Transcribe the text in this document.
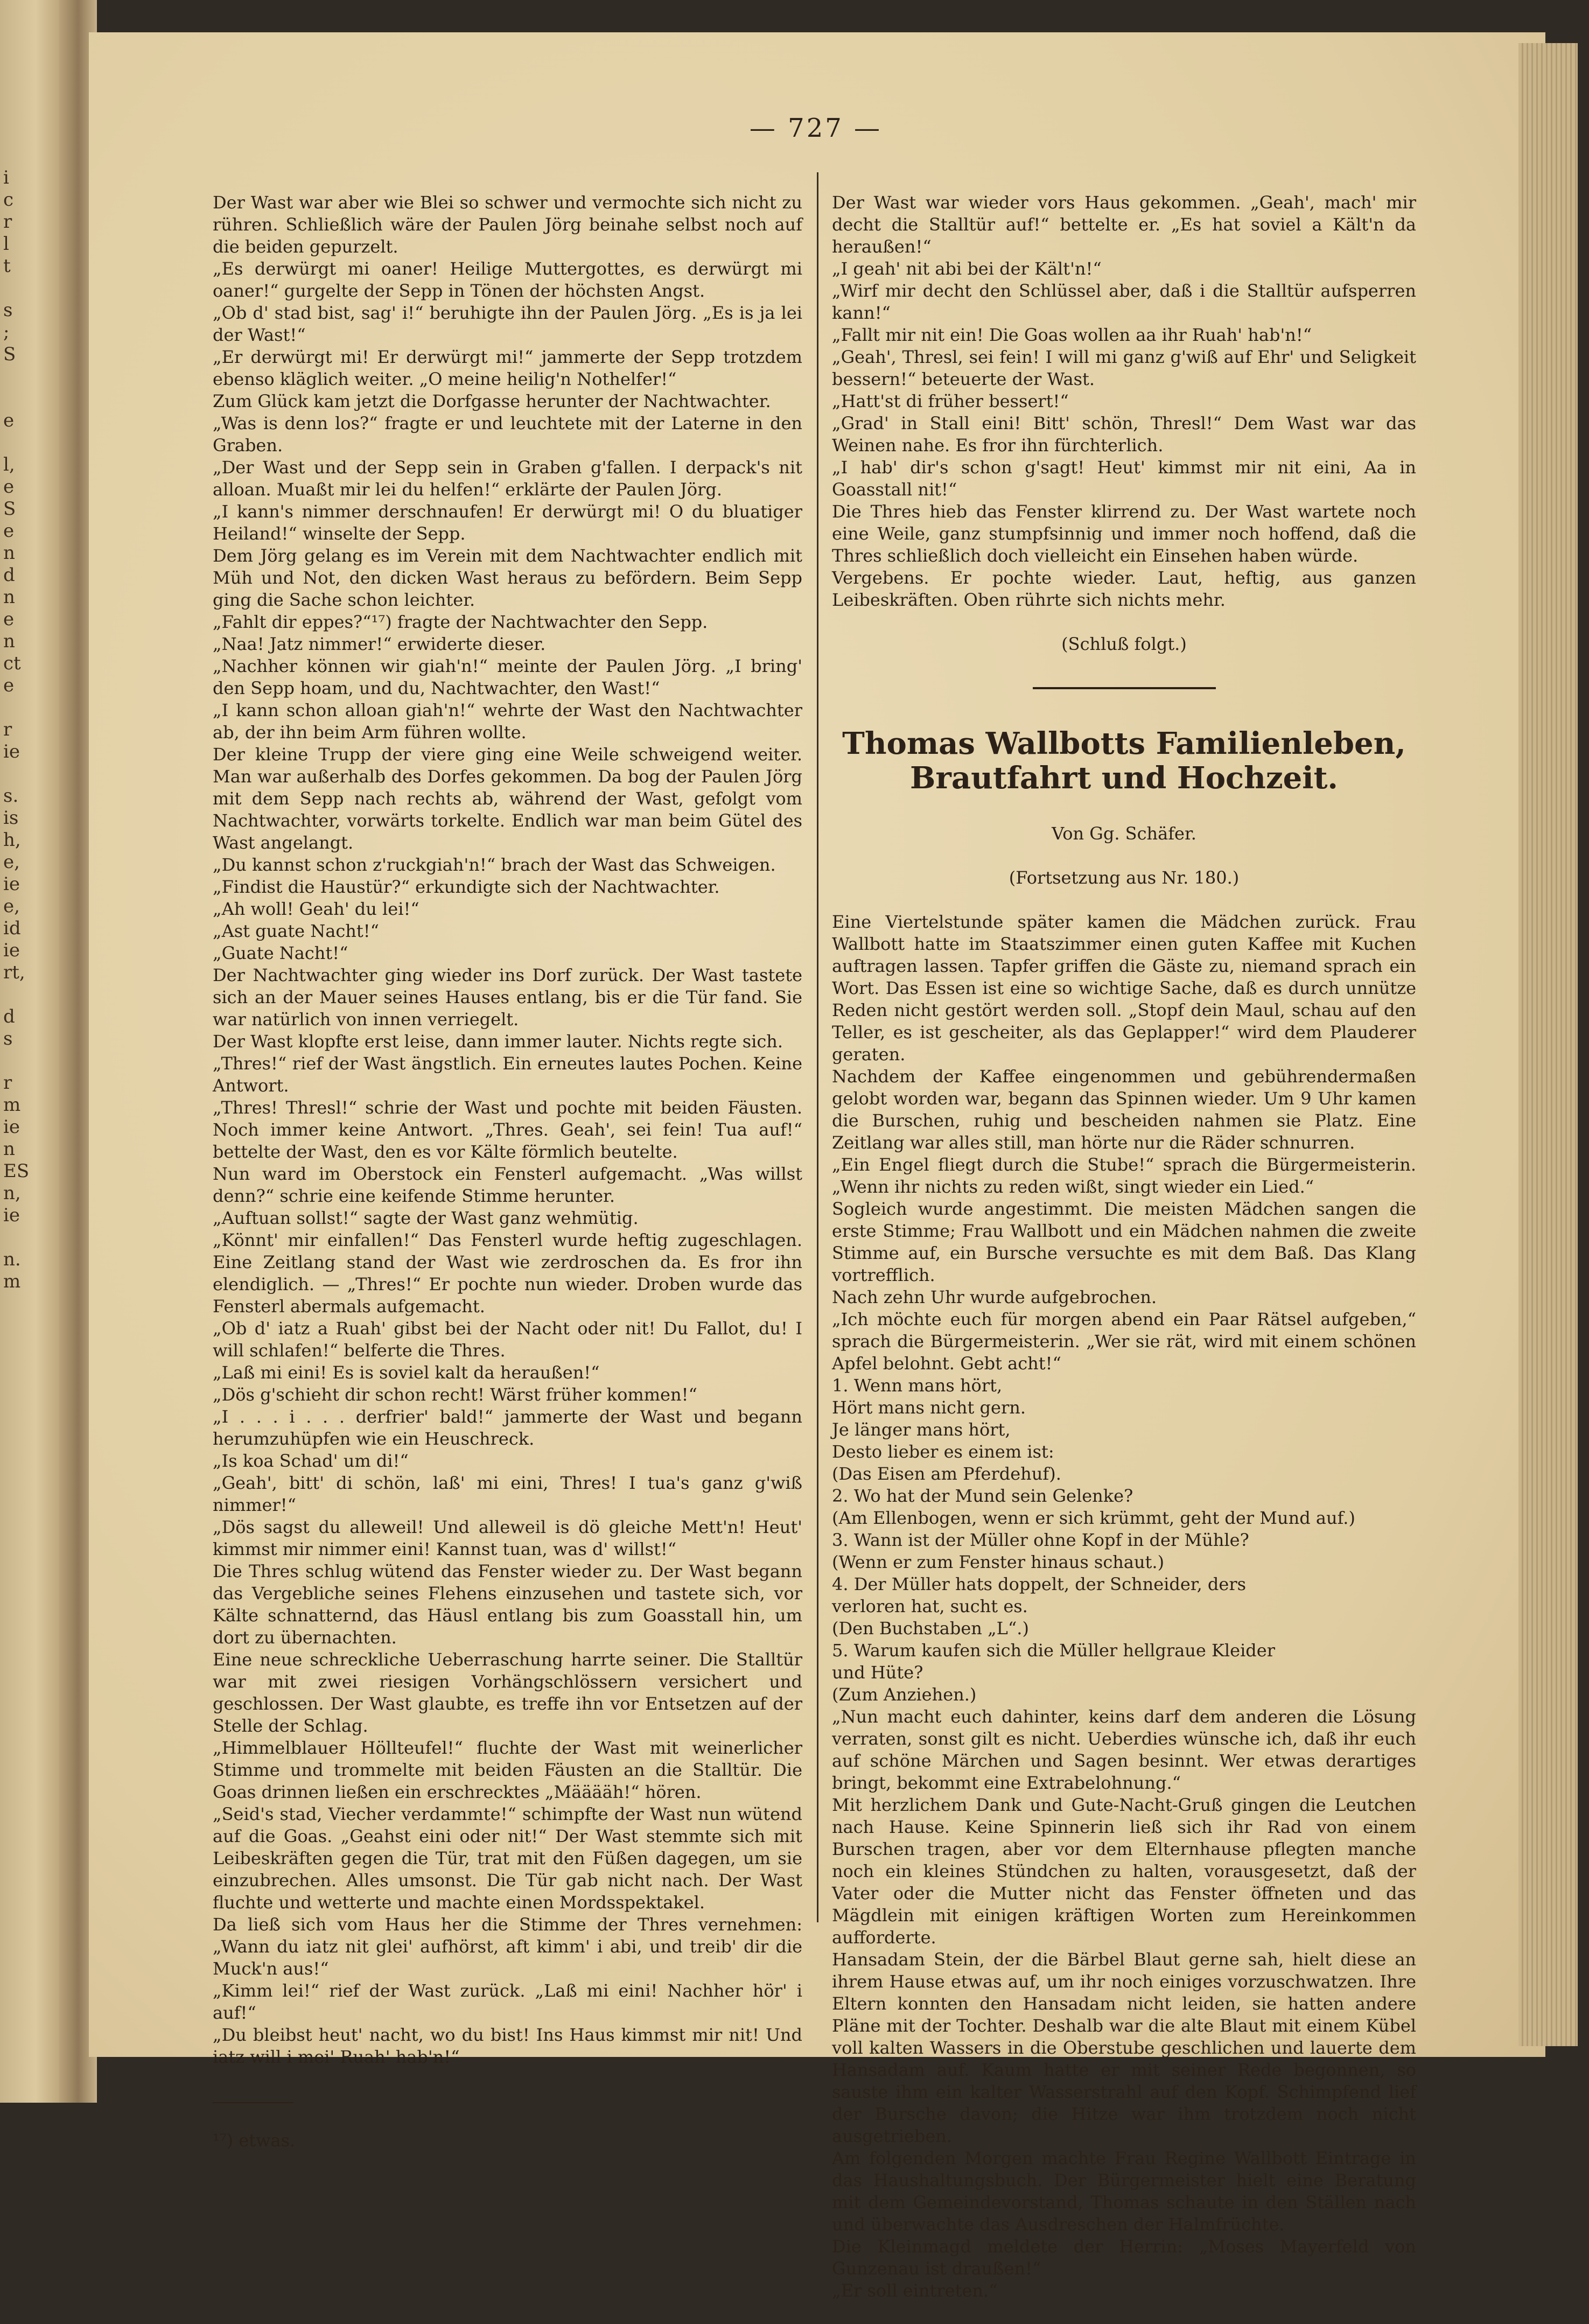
i
c
r
l
t

s
;
S

e

l,
e
S
e
n
d
n
e
n
ct
e

r
ie

s.
is
h,
e,
ie
e,
id
ie
rt,

d
s

r
m
ie
n
ES
n,
ie

n.
m
— 727 —

Der Wast war aber wie Blei so schwer und vermochte sich nicht zu rühren. Schließlich wäre der Paulen Jörg beinahe selbst noch auf die beiden gepurzelt.
„Es derwürgt mi oaner! Heilige Muttergottes, es derwürgt mi oaner!“ gurgelte der Sepp in Tönen der höchsten Angst.
„Ob d' stad bist, sag' i!“ beruhigte ihn der Paulen Jörg. „Es is ja lei der Wast!“
„Er derwürgt mi! Er derwürgt mi!“ jammerte der Sepp trotzdem ebenso kläglich weiter. „O meine heilig'n Nothelfer!“
Zum Glück kam jetzt die Dorfgasse herunter der Nachtwachter.
„Was is denn los?“ fragte er und leuchtete mit der Laterne in den Graben.
„Der Wast und der Sepp sein in Graben g'fallen. I derpack's nit alloan. Muaßt mir lei du helfen!“ erklärte der Paulen Jörg.
„I kann's nimmer derschnaufen! Er derwürgt mi! O du bluatiger Heiland!“ winselte der Sepp.
Dem Jörg gelang es im Verein mit dem Nachtwachter endlich mit Müh und Not, den dicken Wast heraus zu befördern. Beim Sepp ging die Sache schon leichter.
„Fahlt dir eppes?“¹⁷) fragte der Nachtwachter den Sepp.
„Naa! Jatz nimmer!“ erwiderte dieser.
„Nachher können wir giah'n!“ meinte der Paulen Jörg. „I bring' den Sepp hoam, und du, Nachtwachter, den Wast!“
„I kann schon alloan giah'n!“ wehrte der Wast den Nachtwachter ab, der ihn beim Arm führen wollte.
Der kleine Trupp der viere ging eine Weile schweigend weiter. Man war außerhalb des Dorfes gekommen. Da bog der Paulen Jörg mit dem Sepp nach rechts ab, während der Wast, gefolgt vom Nachtwachter, vorwärts torkelte. Endlich war man beim Gütel des Wast angelangt.
„Du kannst schon z'ruckgiah'n!“ brach der Wast das Schweigen.
„Findist die Haustür?“ erkundigte sich der Nachtwachter.
„Ah woll! Geah' du lei!“
„Ast guate Nacht!“
„Guate Nacht!“
Der Nachtwachter ging wieder ins Dorf zurück. Der Wast tastete sich an der Mauer seines Hauses entlang, bis er die Tür fand. Sie war natürlich von innen verriegelt.
Der Wast klopfte erst leise, dann immer lauter. Nichts regte sich.
„Thres!“ rief der Wast ängstlich. Ein erneutes lautes Pochen. Keine Antwort.
„Thres! Thresl!“ schrie der Wast und pochte mit beiden Fäusten. Noch immer keine Antwort. „Thres. Geah', sei fein! Tua auf!“ bettelte der Wast, den es vor Kälte förmlich beutelte.
Nun ward im Oberstock ein Fensterl aufgemacht. „Was willst denn?“ schrie eine keifende Stimme herunter.
„Auftuan sollst!“ sagte der Wast ganz wehmütig.
„Könnt' mir einfallen!“ Das Fensterl wurde heftig zugeschlagen. Eine Zeitlang stand der Wast wie zerdroschen da. Es fror ihn elendiglich. — „Thres!“ Er pochte nun wieder. Droben wurde das Fensterl abermals aufgemacht.
„Ob d' iatz a Ruah' gibst bei der Nacht oder nit! Du Fallot, du! I will schlafen!“ belferte die Thres.
„Laß mi eini! Es is soviel kalt da heraußen!“
„Dös g'schieht dir schon recht! Wärst früher kommen!“
„I . . . i . . . derfrier' bald!“ jammerte der Wast und begann herumzuhüpfen wie ein Heuschreck.
„Is koa Schad' um di!“
„Geah', bitt' di schön, laß' mi eini, Thres! I tua's ganz g'wiß nimmer!“
„Dös sagst du alleweil! Und alleweil is dö gleiche Mett'n! Heut' kimmst mir nimmer eini! Kannst tuan, was d' willst!“
Die Thres schlug wütend das Fenster wieder zu. Der Wast begann das Vergebliche seines Flehens einzusehen und tastete sich, vor Kälte schnatternd, das Häusl entlang bis zum Goasstall hin, um dort zu übernachten.
Eine neue schreckliche Ueberraschung harrte seiner. Die Stalltür war mit zwei riesigen Vorhängschlössern versichert und geschlossen. Der Wast glaubte, es treffe ihn vor Entsetzen auf der Stelle der Schlag.
„Himmelblauer Höllteufel!“ fluchte der Wast mit weinerlicher Stimme und trommelte mit beiden Fäusten an die Stalltür. Die Goas drinnen ließen ein erschrecktes „Määääh!“ hören.
„Seid's stad, Viecher verdammte!“ schimpfte der Wast nun wütend auf die Goas. „Geahst eini oder nit!“ Der Wast stemmte sich mit Leibeskräften gegen die Tür, trat mit den Füßen dagegen, um sie einzubrechen. Alles umsonst. Die Tür gab nicht nach. Der Wast fluchte und wetterte und machte einen Mordsspektakel.
Da ließ sich vom Haus her die Stimme der Thres vernehmen: „Wann du iatz nit glei' aufhörst, aft kimm' i abi, und treib' dir die Muck'n aus!“
„Kimm lei!“ rief der Wast zurück. „Laß mi eini! Nachher hör' i auf!“
„Du bleibst heut' nacht, wo du bist! Ins Haus kimmst mir nit! Und iatz will i mei' Ruah' hab'n!“

¹⁷) etwas.

Der Wast war wieder vors Haus gekommen. „Geah', mach' mir decht die Stalltür auf!“ bettelte er. „Es hat soviel a Kält'n da heraußen!“
„I geah' nit abi bei der Kält'n!“
„Wirf mir decht den Schlüssel aber, daß i die Stalltür aufsperren kann!“
„Fallt mir nit ein! Die Goas wollen aa ihr Ruah' hab'n!“
„Geah', Thresl, sei fein! I will mi ganz g'wiß auf Ehr' und Seligkeit bessern!“ beteuerte der Wast.
„Hatt'st di früher bessert!“
„Grad' in Stall eini! Bitt' schön, Thresl!“ Dem Wast war das Weinen nahe. Es fror ihn fürchterlich.
„I hab' dir's schon g'sagt! Heut' kimmst mir nit eini, Aa in Goasstall nit!“
Die Thres hieb das Fenster klirrend zu. Der Wast wartete noch eine Weile, ganz stumpfsinnig und immer noch hoffend, daß die Thres schließlich doch vielleicht ein Einsehen haben würde.
Vergebens. Er pochte wieder. Laut, heftig, aus ganzen Leibeskräften. Oben rührte sich nichts mehr.

(Schluß folgt.)

Thomas Wallbotts Familienleben, Brautfahrt und Hochzeit.

Von Gg. Schäfer.

(Fortsetzung aus Nr. 180.)

Eine Viertelstunde später kamen die Mädchen zurück. Frau Wallbott hatte im Staatszimmer einen guten Kaffee mit Kuchen auftragen lassen. Tapfer griffen die Gäste zu, niemand sprach ein Wort. Das Essen ist eine so wichtige Sache, daß es durch unnütze Reden nicht gestört werden soll. „Stopf dein Maul, schau auf den Teller, es ist gescheiter, als das Geplapper!“ wird dem Plauderer geraten.
Nachdem der Kaffee eingenommen und gebührendermaßen gelobt worden war, begann das Spinnen wieder. Um 9 Uhr kamen die Burschen, ruhig und bescheiden nahmen sie Platz. Eine Zeitlang war alles still, man hörte nur die Räder schnurren.
„Ein Engel fliegt durch die Stube!“ sprach die Bürgermeisterin. „Wenn ihr nichts zu reden wißt, singt wieder ein Lied.“
Sogleich wurde angestimmt. Die meisten Mädchen sangen die erste Stimme; Frau Wallbott und ein Mädchen nahmen die zweite Stimme auf, ein Bursche versuchte es mit dem Baß. Das Klang vortrefflich.
Nach zehn Uhr wurde aufgebrochen.
„Ich möchte euch für morgen abend ein Paar Rätsel aufgeben,“ sprach die Bürgermeisterin. „Wer sie rät, wird mit einem schönen Apfel belohnt. Gebt acht!“
1. Wenn mans hört,
Hört mans nicht gern.
Je länger mans hört,
Desto lieber es einem ist:
(Das Eisen am Pferdehuf).
2. Wo hat der Mund sein Gelenke?
(Am Ellenbogen, wenn er sich krümmt, geht der Mund auf.)
3. Wann ist der Müller ohne Kopf in der Mühle?
(Wenn er zum Fenster hinaus schaut.)
4. Der Müller hats doppelt, der Schneider, ders
verloren hat, sucht es.
(Den Buchstaben „L“.)
5. Warum kaufen sich die Müller hellgraue Kleider
und Hüte?
(Zum Anziehen.)
„Nun macht euch dahinter, keins darf dem anderen die Lösung verraten, sonst gilt es nicht. Ueberdies wünsche ich, daß ihr euch auf schöne Märchen und Sagen besinnt. Wer etwas derartiges bringt, bekommt eine Extrabelohnung.“
Mit herzlichem Dank und Gute-Nacht-Gruß gingen die Leutchen nach Hause. Keine Spinnerin ließ sich ihr Rad von einem Burschen tragen, aber vor dem Elternhause pflegten manche noch ein kleines Stündchen zu halten, vorausgesetzt, daß der Vater oder die Mutter nicht das Fenster öffneten und das Mägdlein mit einigen kräftigen Worten zum Hereinkommen aufforderte.
Hansadam Stein, der die Bärbel Blaut gerne sah, hielt diese an ihrem Hause etwas auf, um ihr noch einiges vorzuschwatzen. Ihre Eltern konnten den Hansadam nicht leiden, sie hatten andere Pläne mit der Tochter. Deshalb war die alte Blaut mit einem Kübel voll kalten Wassers in die Oberstube geschlichen und lauerte dem Hansadam auf. Kaum hatte er mit seiner Rede begonnen, so sauste ihm ein kalter Wasserstrahl auf den Kopf. Schimpfend lief der Bursche davon; die Hitze war ihm trotzdem noch nicht ausgetrieben.
Am folgenden Morgen machte Frau Regine Wallbott Eintrage in das Haushaltungsbuch. Der Bürgermeister hielt eine Beratung mit dem Gemeindevorstand, Thomas schaute in den Ställen nach und überwachte das Ausdreschen der Halmfrüchte.
Die Kleinmagd meldete der Herrin: „Moses Mayerfeld von Gunzenau ist draußen!“
„Er soll eintreten.“
